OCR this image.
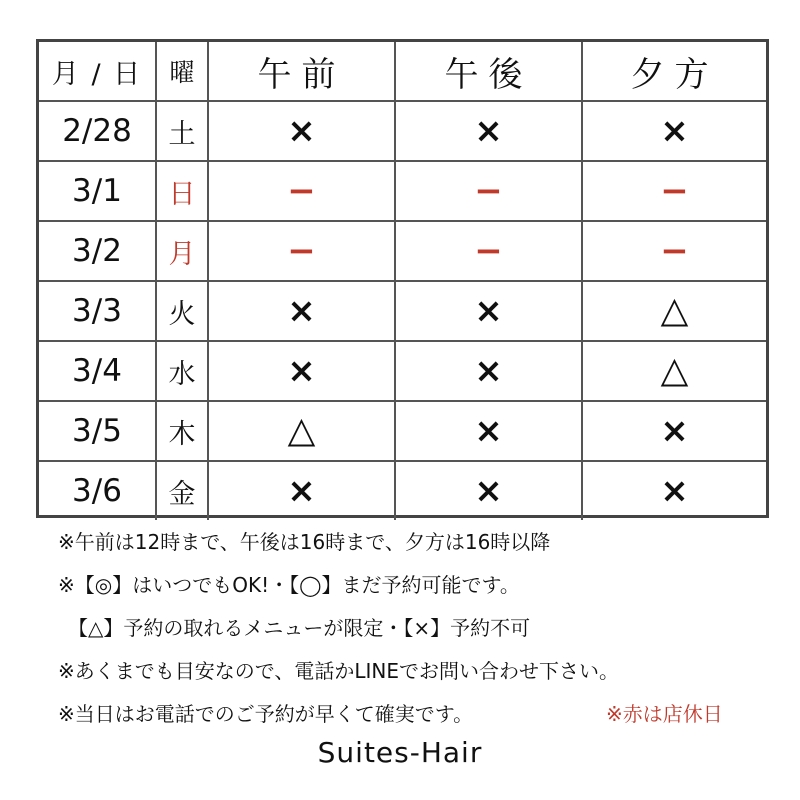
月 / 日	曜	午前	午後	夕方
2/28	土	×	×	×
3/1	日	−	−	−
3/2	月	−	−	−
3/3	火	×	×	△
3/4	水	×	×	△
3/5	木	△	×	×
3/6	金	×	×	×
※午前は12時まで、午後は16時まで、夕方は16時以降
※【◎】はいつでもOK!・【◯】まだ予約可能です。
　【△】予約の取れるメニューが限定・【×】予約不可
※あくまでも目安なので、電話かLINEでお問い合わせ下さい。
※当日はお電話でのご予約が早くて確実です。	※赤は店休日
Suites-Hair
